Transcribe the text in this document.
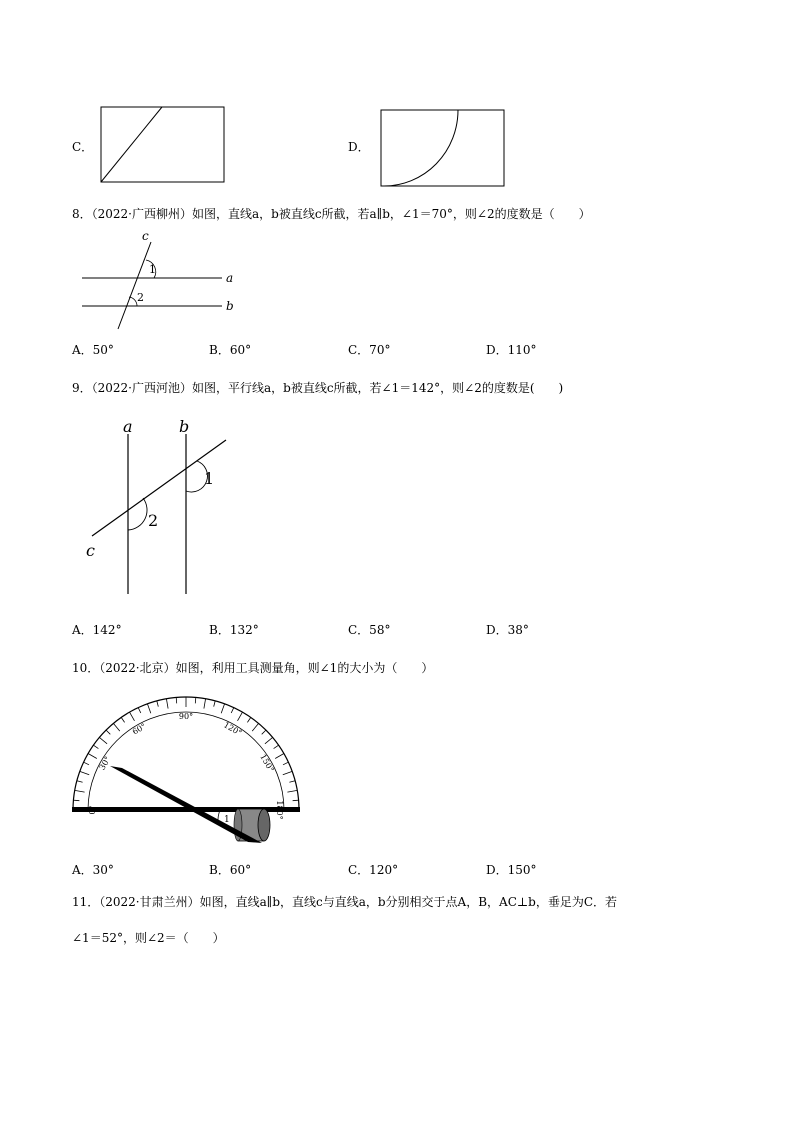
C．	D．
8．（2022·广西柳州）如图，直线a，b被直线c所截，若a∥b，∠1＝70°，则∠2的度数是（　　）
c
a
b
1
2
A．50°	B．60°	C．70°	D．110°
9．（2022·广西河池）如图，平行线a，b被直线c所截，若∠1＝142°，则∠2的度数是(　　)
a	b
c
1
2
A．142°	B．132°	C．58°	D．38°
10．（2022·北京）如图，利用工具测量角，则∠1的大小为（　　）
30°
60°
90°
120°
150°
1
A．30°	B．60°	C．120°	D．150°
11．（2022·甘肃兰州）如图，直线a∥b，直线c与直线a，b分别相交于点A，B，AC⊥b，垂足为C．若
∠1＝52°，则∠2＝（　　）
